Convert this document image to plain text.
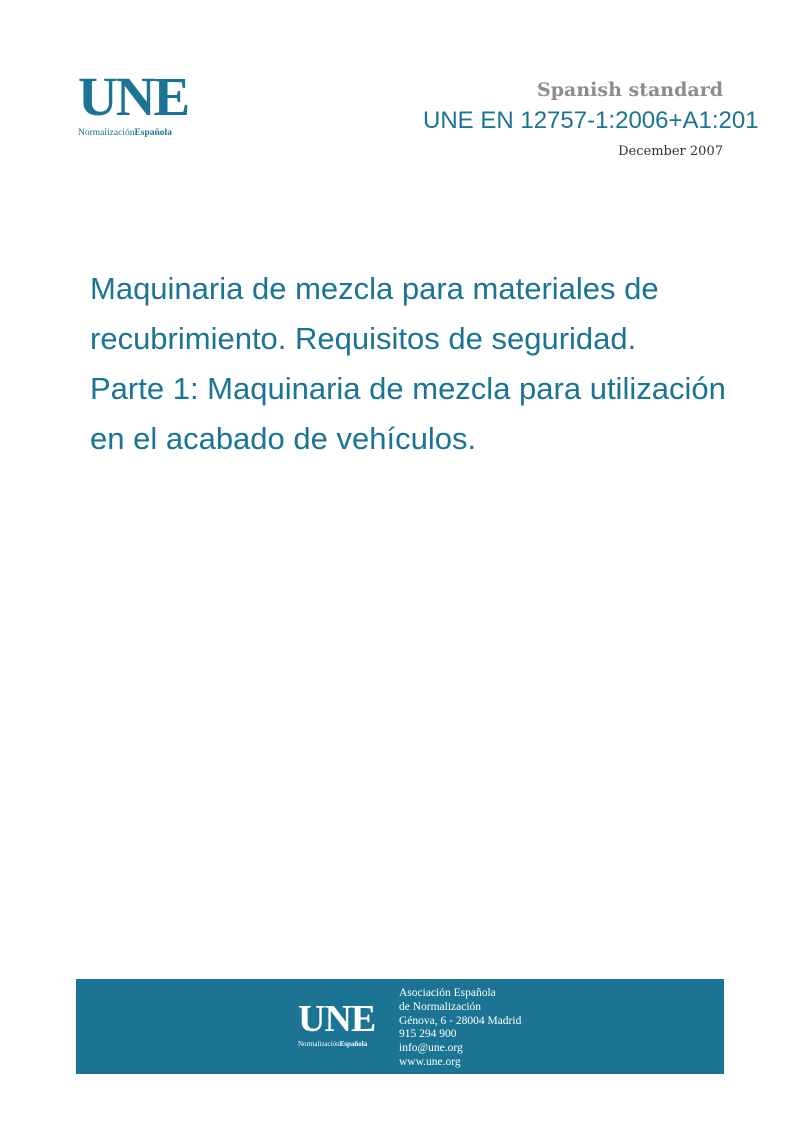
UNE
NormalizaciónEspañola
Spanish standard
UNE EN 12757-1:2006+A1:201
December 2007
Maquinaria de mezcla para materiales de
recubrimiento. Requisitos de seguridad.
Parte 1: Maquinaria de mezcla para utilización
en el acabado de vehículos.
UNE
NormalizaciónEspañola
Asociación Española
de Normalización
Génova, 6 - 28004 Madrid
915 294 900
info@une.org
www.une.org
